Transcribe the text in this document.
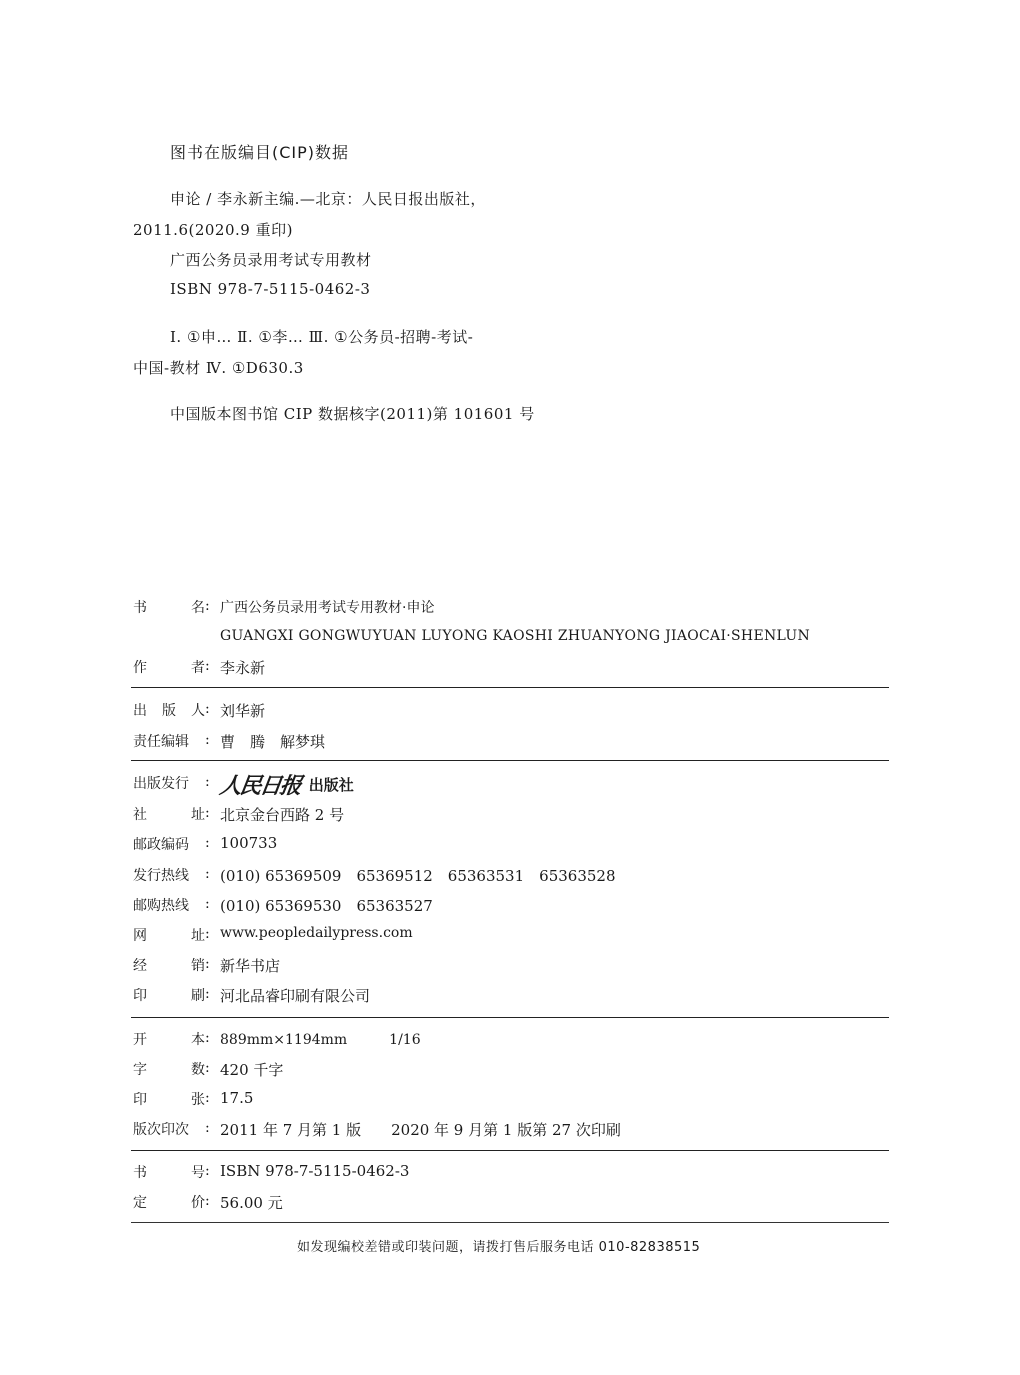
图书在版编目(CIP)数据
申论 / 李永新主编.—北京：人民日报出版社，
2011.6(2020.9 重印)
广西公务员录用考试专用教材
ISBN 978-7-5115-0462-3
Ⅰ. ①申… Ⅱ. ①李… Ⅲ. ①公务员-招聘-考试-
中国-教材 Ⅳ. ①D630.3
中国版本图书馆 CIP 数据核字(2011)第 101601 号
书	名 : 广西公务员录用考试专用教材·申论
GUANGXI GONGWUYUAN LUYONG KAOSHI ZHUANYONG JIAOCAI·SHENLUN
作	者 : 李永新
出 版 人 : 刘华新
责任编辑	: 曹　腾　解梦琪
出版发行	: 人民日报 出版社
社	址 : 北京金台西路 2 号
邮政编码	: 100733
发行热线	: (010) 65369509　65369512　65363531　65363528
邮购热线	: (010) 65369530　65363527
网	址 : www.peopledailypress.com
经	销 : 新华书店
印	刷 : 河北品睿印刷有限公司
开	本 : 889mm×1194mm　　　1/16
字	数 : 420 千字
印	张 : 17.5
版次印次	: 2011 年 7 月第 1 版　　2020 年 9 月第 1 版第 27 次印刷
书	号 : ISBN 978-7-5115-0462-3
定	价 : 56.00 元
如发现编校差错或印装问题，请拨打售后服务电话 010-82838515
